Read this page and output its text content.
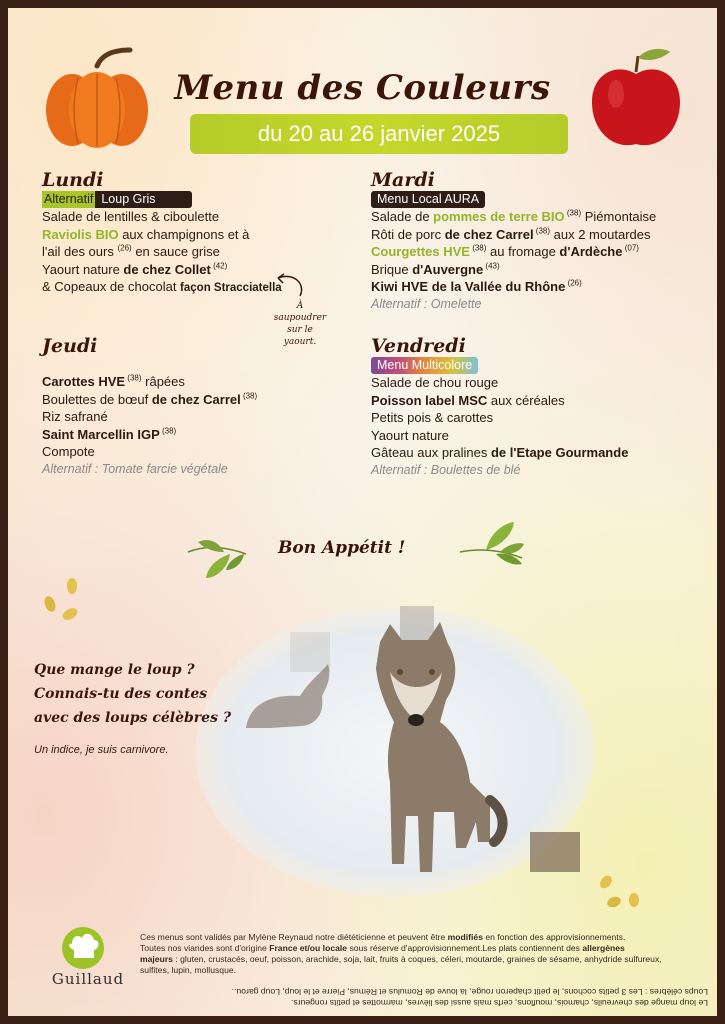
Menu des Couleurs
du 20 au 26 janvier 2025
Lundi
Alternatif Loup Gris
Salade de lentilles & ciboulette
Raviolis BIO aux champignons et à
l'ail des ours $^{(26)}$ en sauce grise
Yaourt nature de chez Collet $^{(42)}$
& Copeaux de chocolat façon Stracciatella
À saupoudrer
sur le yaourt.
Mardi
Menu Local AURA
Salade de pommes de terre BIO $^{(38)}$ Piémontaise
Rôti de porc de chez Carrel $^{(38)}$ aux 2 moutardes
Courgettes HVE $^{(38)}$ au fromage d'Ardèche $^{(07)}$
Brique d'Auvergne $^{(43)}$
Kiwi HVE de la Vallée du Rhône $^{(26)}$
Alternatif : Omelette
Jeudi
Carottes HVE $^{(38)}$ râpées
Boulettes de bœuf de chez Carrel $^{(38)}$
Riz safrané
Saint Marcellin IGP $^{(38)}$
Compote
Alternatif : Tomate farcie végétale
Vendredi
Menu Multicolore
Salade de chou rouge
Poisson label MSC aux céréales
Petits pois & carottes
Yaourt nature
Gâteau aux pralines de l'Etape Gourmande
Alternatif : Boulettes de blé
Bon Appétit !
Que mange le loup ?
Connais-tu des contes
avec des loups célèbres ?
Un indice, je suis carnivore.
Guillaud
Ces menus sont validés par Mylène Reynaud notre diététicienne et peuvent être modifiés en fonction des approvisionnements.
Toutes nos viandes sont d'origine France et/ou locale sous réserve d'approvisionnement.Les plats contiennent des allergènes
majeurs : gluten, crustacés, oeuf, poisson, arachide, soja, lait, fruits à coques, céleri, moutarde, graines de sésame, anhydride sulfureux,
sulfites, lupin, mollusque.
Le loup mange des chevreuils, chamois, mouflons, cerfs mais aussi des lièvres, marmottes et petits rongeurs.
Loups célèbres : Les 3 petits cochons, le petit chaperon rouge, la louve de Romulus et Rémus, Pierre et le loup, Loup garou..
